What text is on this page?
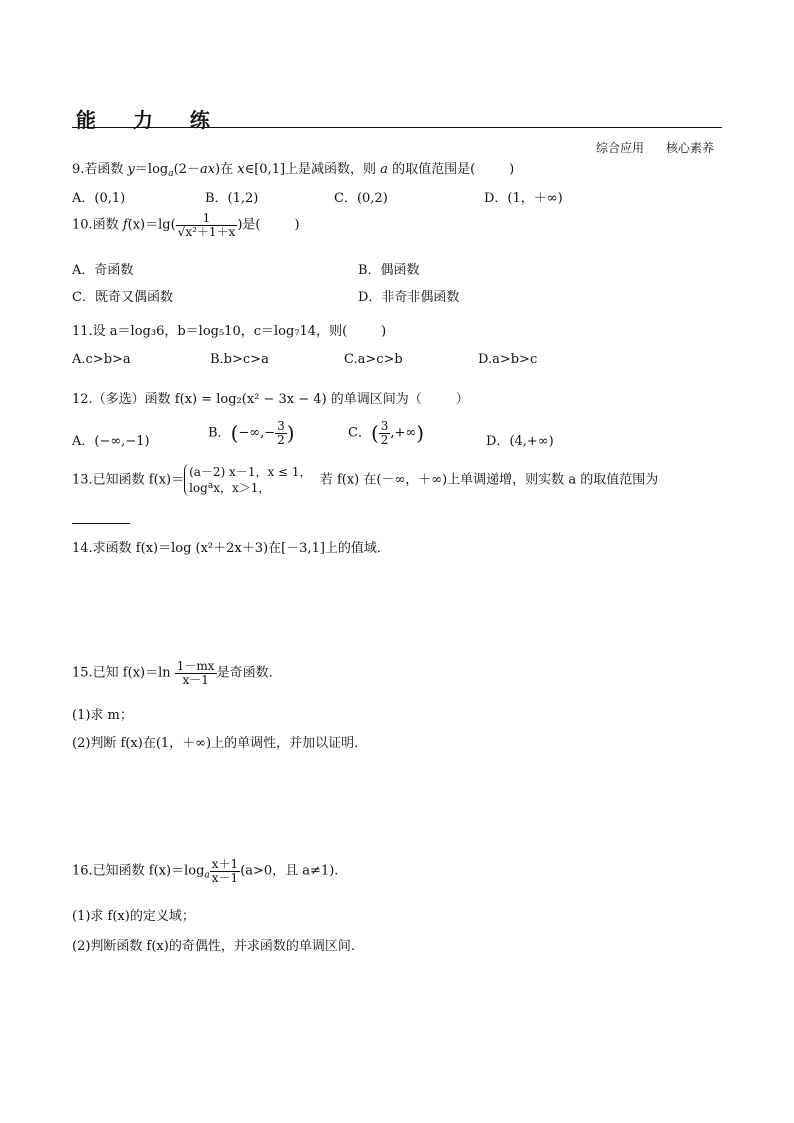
能 力 练
综合应用 核心素养
9.若函数 $y=\log_a(2-ax)$在 x∈[0,1]上是减函数，则 a 的取值范围是(	)
A．(0,1)	B．(1,2)	C．(0,2)	D．(1，＋∞)
10.函数 $f(x)=\lg( \frac{1}{\text{√x²＋1＋x}}$ )是(	)
A．奇函数	B．偶函数
C．既奇又偶函数	D．非奇非偶函数
11.设 a＝log₃6，b＝log₅10，c＝log₇14，则(	)
A.c>b>a	B.b>c>a	C.a>c>b	D.a>b>c
12.（多选）函数 f(x) = log₂(x² − 3x − 4) 的单调区间为（	）
A．(−∞,−1)
B．(−∞,− $\frac{3}{2}$ )	C．( $\frac{3}{2}$ ,+∞)	D．(4,+∞)
13.已知函数 f(x)＝(a－2) x－1，x ≤ 1，
$\log^ax$，x＞1，  若 f(x) 在(－∞，＋∞)上单调递增，则实数 a 的取值范围为
14.求函数 f(x)＝log (x²＋2x＋3)在[－3,1]上的值域．
15.已知 $f(x)=\ln \frac{1-mx}{x-1}$ 是奇函数．
(1)求 m；
(2)判断 f(x)在(1，＋∞)上的单调性，并加以证明．
16.已知函数 $f(x)=\log_a \frac{x+1}{x-1} (a>0$，且 a≠1).
(1)求 f(x)的定义域；
(2)判断函数 f(x)的奇偶性，并求函数的单调区间.
